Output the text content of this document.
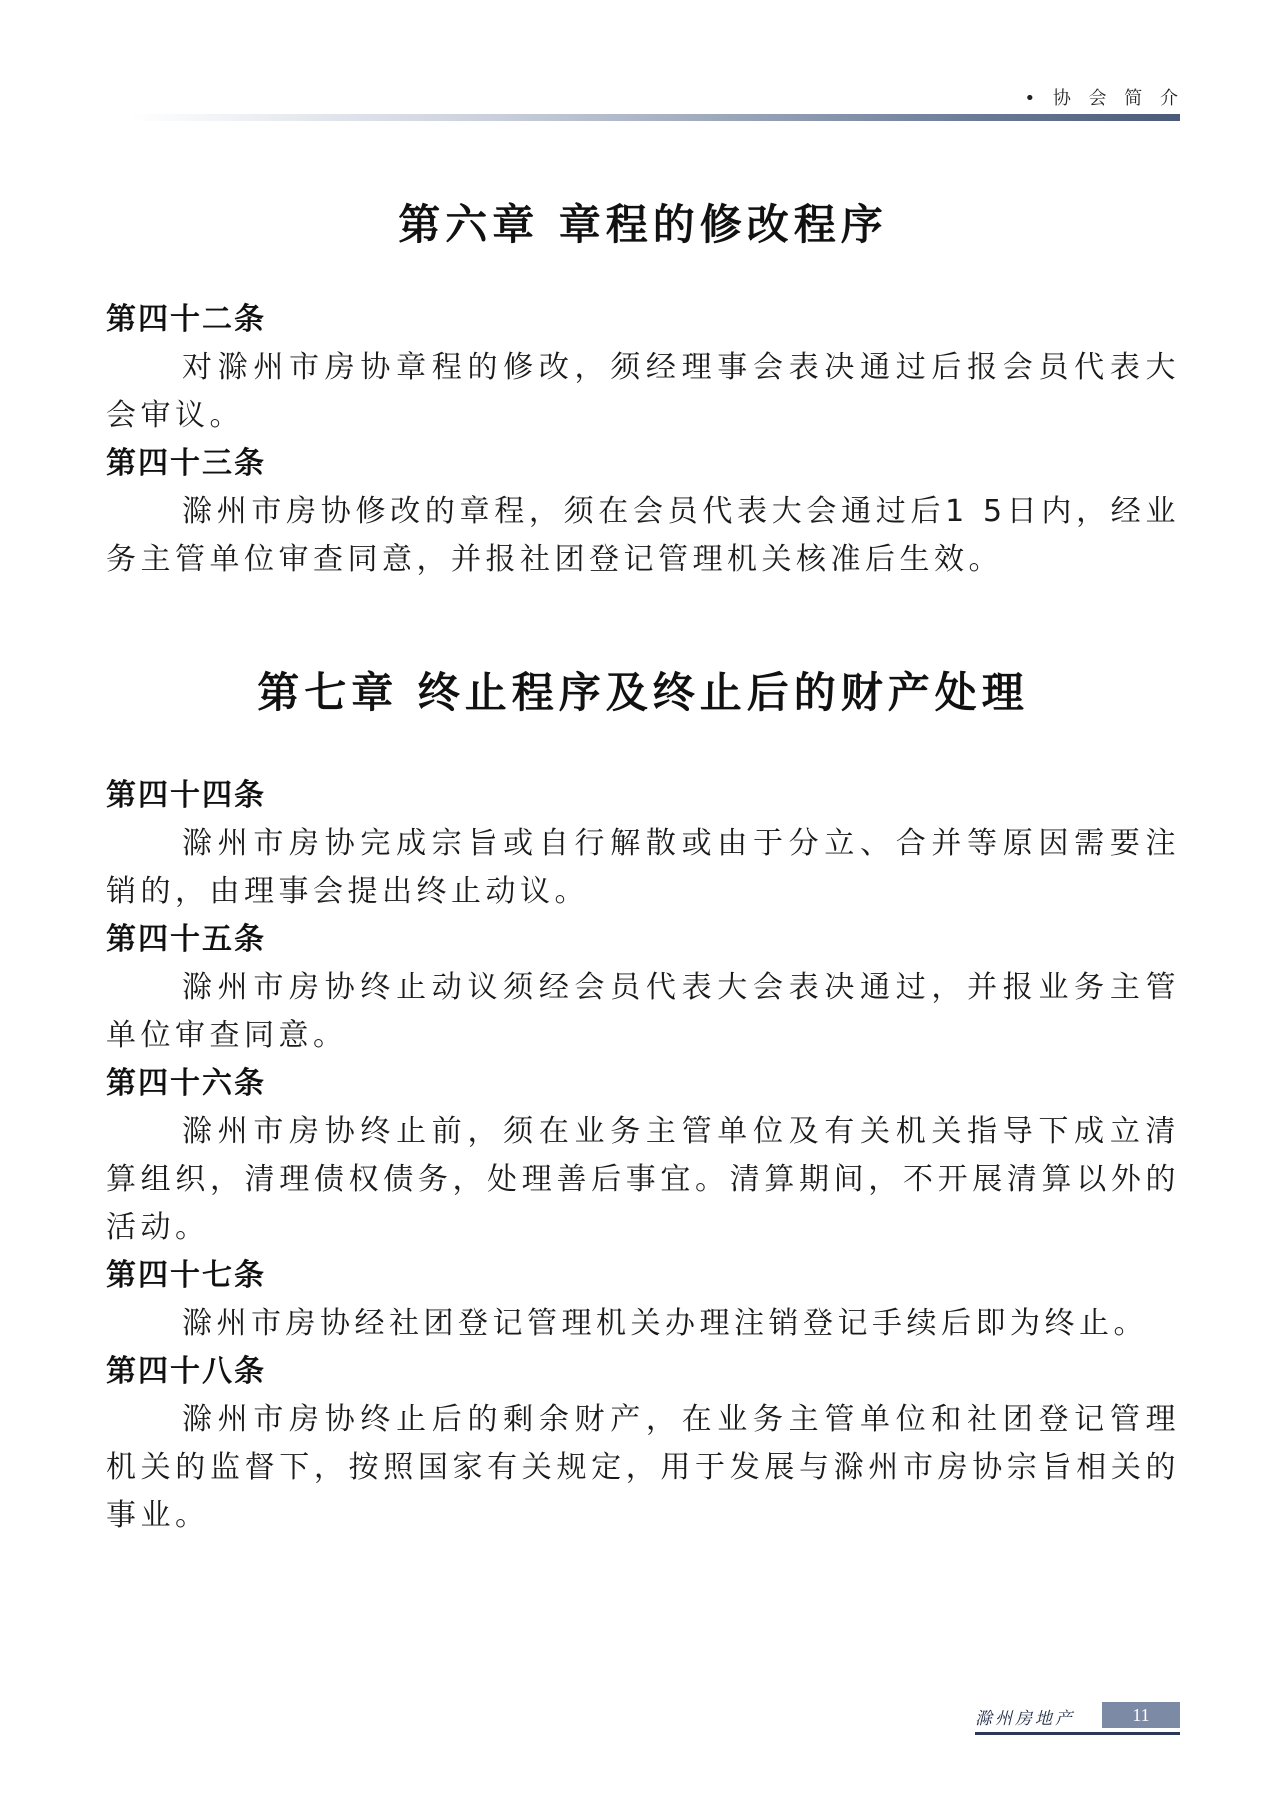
• 协 会 简 介
第六章 章程的修改程序
第四十二条
对滁州市房协章程的修改，须经理事会表决通过后报会员代表大会审议。
第四十三条
滁州市房协修改的章程，须在会员代表大会通过后1 5日内，经业务主管单位审查同意，并报社团登记管理机关核准后生效。
第七章 终止程序及终止后的财产处理
第四十四条
滁州市房协完成宗旨或自行解散或由于分立、合并等原因需要注销的，由理事会提出终止动议。
第四十五条
滁州市房协终止动议须经会员代表大会表决通过，并报业务主管单位审查同意。
第四十六条
滁州市房协终止前，须在业务主管单位及有关机关指导下成立清算组织，清理债权债务，处理善后事宜。清算期间，不开展清算以外的活动。
第四十七条
滁州市房协经社团登记管理机关办理注销登记手续后即为终止。
第四十八条
滁州市房协终止后的剩余财产，在业务主管单位和社团登记管理机关的监督下，按照国家有关规定，用于发展与滁州市房协宗旨相关的事业。
滁州房地产	11
